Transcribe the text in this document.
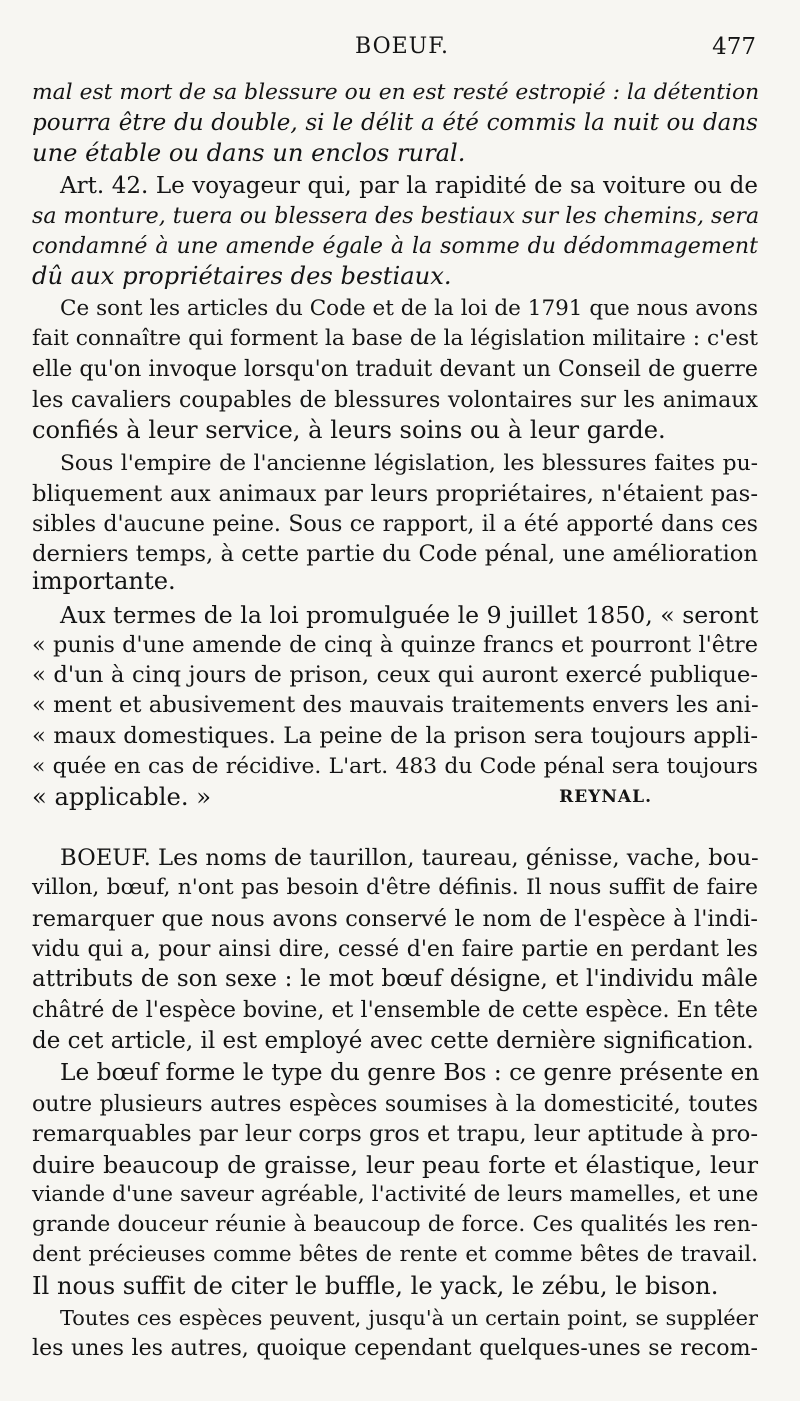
BOEUF.	477
mal est mort de sa blessure ou en est resté estropié : la détention
pourra être du double, si le délit a été commis la nuit ou dans
une étable ou dans un enclos rural.
Art. 42. Le voyageur qui, par la rapidité de sa voiture ou de
sa monture, tuera ou blessera des bestiaux sur les chemins, sera
condamné à une amende égale à la somme du dédommagement
dû aux propriétaires des bestiaux.
Ce sont les articles du Code et de la loi de 1791 que nous avons
fait connaître qui forment la base de la législation militaire : c'est
elle qu'on invoque lorsqu'on traduit devant un Conseil de guerre
les cavaliers coupables de blessures volontaires sur les animaux
confiés à leur service, à leurs soins ou à leur garde.
Sous l'empire de l'ancienne législation, les blessures faites pu-
bliquement aux animaux par leurs propriétaires, n'étaient pas-
sibles d'aucune peine. Sous ce rapport, il a été apporté dans ces
derniers temps, à cette partie du Code pénal, une amélioration
importante.
Aux termes de la loi promulguée le 9 juillet 1850, « seront
« punis d'une amende de cinq à quinze francs et pourront l'être
« d'un à cinq jours de prison, ceux qui auront exercé publique-
« ment et abusivement des mauvais traitements envers les ani-
« maux domestiques. La peine de la prison sera toujours appli-
« quée en cas de récidive. L'art. 483 du Code pénal sera toujours
« applicable. »	REYNAL.
BOEUF. Les noms de taurillon, taureau, génisse, vache, bou-
villon, bœuf, n'ont pas besoin d'être définis. Il nous suffit de faire
remarquer que nous avons conservé le nom de l'espèce à l'indi-
vidu qui a, pour ainsi dire, cessé d'en faire partie en perdant les
attributs de son sexe : le mot bœuf désigne, et l'individu mâle
châtré de l'espèce bovine, et l'ensemble de cette espèce. En tête
de cet article, il est employé avec cette dernière signification.
Le bœuf forme le type du genre Bos : ce genre présente en
outre plusieurs autres espèces soumises à la domesticité, toutes
remarquables par leur corps gros et trapu, leur aptitude à pro-
duire beaucoup de graisse, leur peau forte et élastique, leur
viande d'une saveur agréable, l'activité de leurs mamelles, et une
grande douceur réunie à beaucoup de force. Ces qualités les ren-
dent précieuses comme bêtes de rente et comme bêtes de travail.
Il nous suffit de citer le buffle, le yack, le zébu, le bison.
Toutes ces espèces peuvent, jusqu'à un certain point, se suppléer
les unes les autres, quoique cependant quelques-unes se recom-
